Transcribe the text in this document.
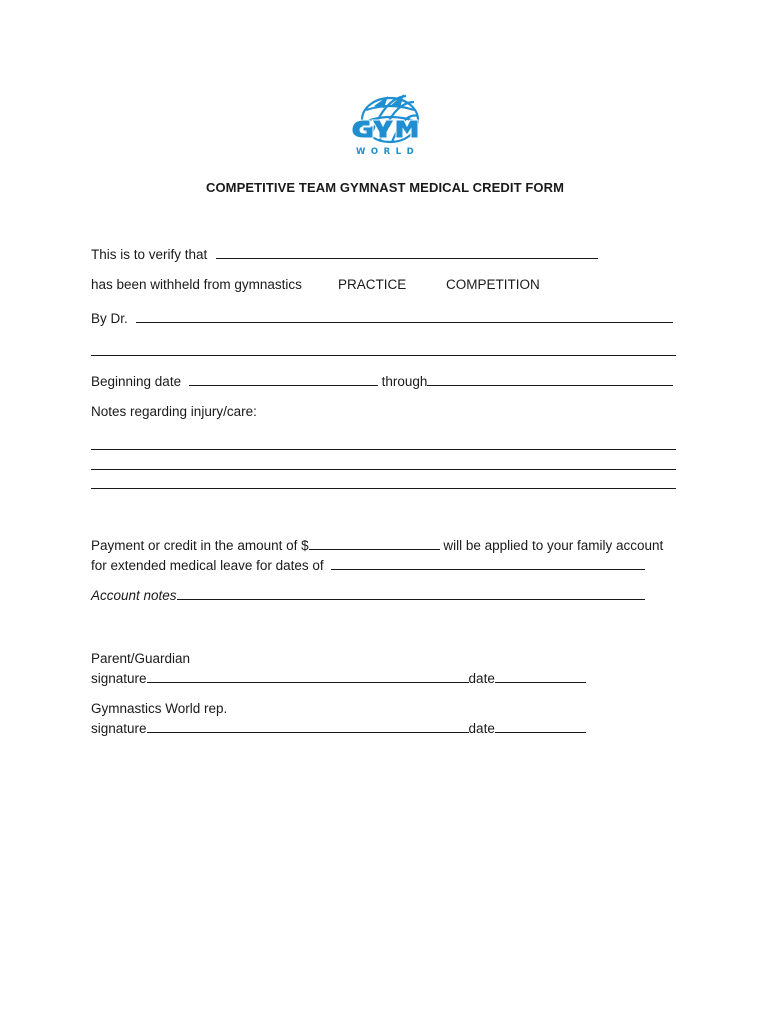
WORLD
COMPETITIVE TEAM GYMNAST MEDICAL CREDIT FORM
This is to verify that
has been withheld from gymnastics	PRACTICE	COMPETITION
By Dr.
Beginning date	through
Notes regarding injury/care:
Payment or credit in the amount of $	will be applied to your family account
for extended medical leave for dates of
Account notes
Parent/Guardian
signature	date
Gymnastics World rep.
signature	date
